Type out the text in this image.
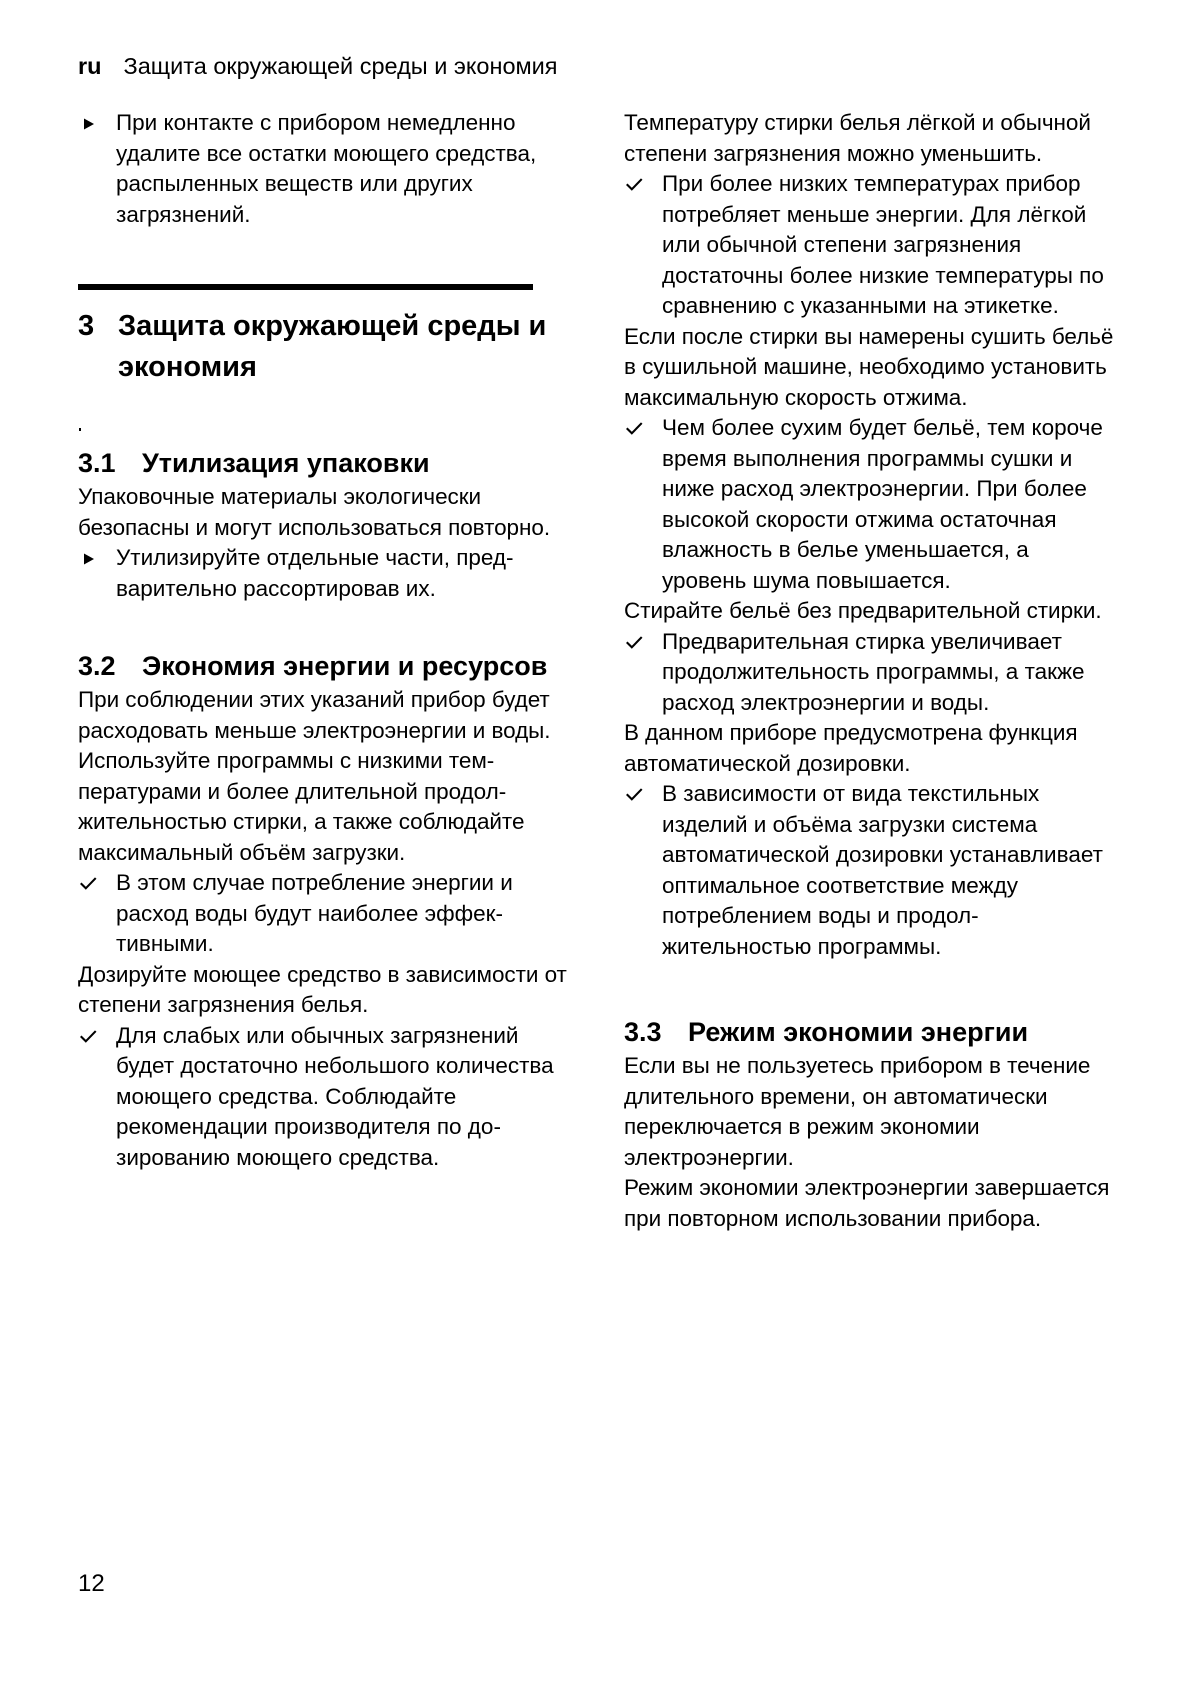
ru Защита окружающей среды и экономия
При контакте с прибором немедленно удалите все остатки моющего средства, распыленных веществ или других загрязнений.
3 Защита окружающей среды и экономия
3.1 Утилизация упаковки

Упаковочные материалы экологически безопасны и могут использоваться повторно.

Утилизируйте отдельные части, предварительно рассортировав их.
3.2 Экономия энергии и ресурсов

При соблюдении этих указаний прибор будет расходовать меньше электроэнергии и воды.

Используйте программы с низкими температурами и более длительной продолжительностью стирки, а также соблюдайте максимальный объём загрузки.

В этом случае потребление энергии и расход воды будут наиболее эффективными.

Дозируйте моющее средство в зависимости от степени загрязнения белья.

Для слабых или обычных загрязнений будет достаточно небольшого количества моющего средства. Соблюдайте рекомендации производителя по дозированию моющего средства.

Температуру стирки белья лёгкой и обычной степени загрязнения можно уменьшить.

При более низких температурах прибор потребляет меньше энергии. Для лёгкой или обычной степени загрязнения достаточны более низкие температуры по сравнению с указанными на этикетке.

Если после стирки вы намерены сушить бельё в сушильной машине, необходимо установить максимальную скорость отжима.

Чем более сухим будет бельё, тем короче время выполнения программы сушки и ниже расход электроэнергии. При более высокой скорости отжима остаточная влажность в белье уменьшается, а уровень шума повышается.

Стирайте бельё без предварительной стирки.

Предварительная стирка увеличивает продолжительность программы, а также расход электроэнергии и воды.

В данном приборе предусмотрена функция автоматической дозировки.

В зависимости от вида текстильных изделий и объёма загрузки система автоматической дозировки устанавливает оптимальное соответствие между потреблением воды и продолжительностью программы.
3.3 Режим экономии энергии

Если вы не пользуетесь прибором в течение длительного времени, он автоматически переключается в режим экономии электроэнергии.

Режим экономии электроэнергии завершается при повторном использовании прибора.

12
